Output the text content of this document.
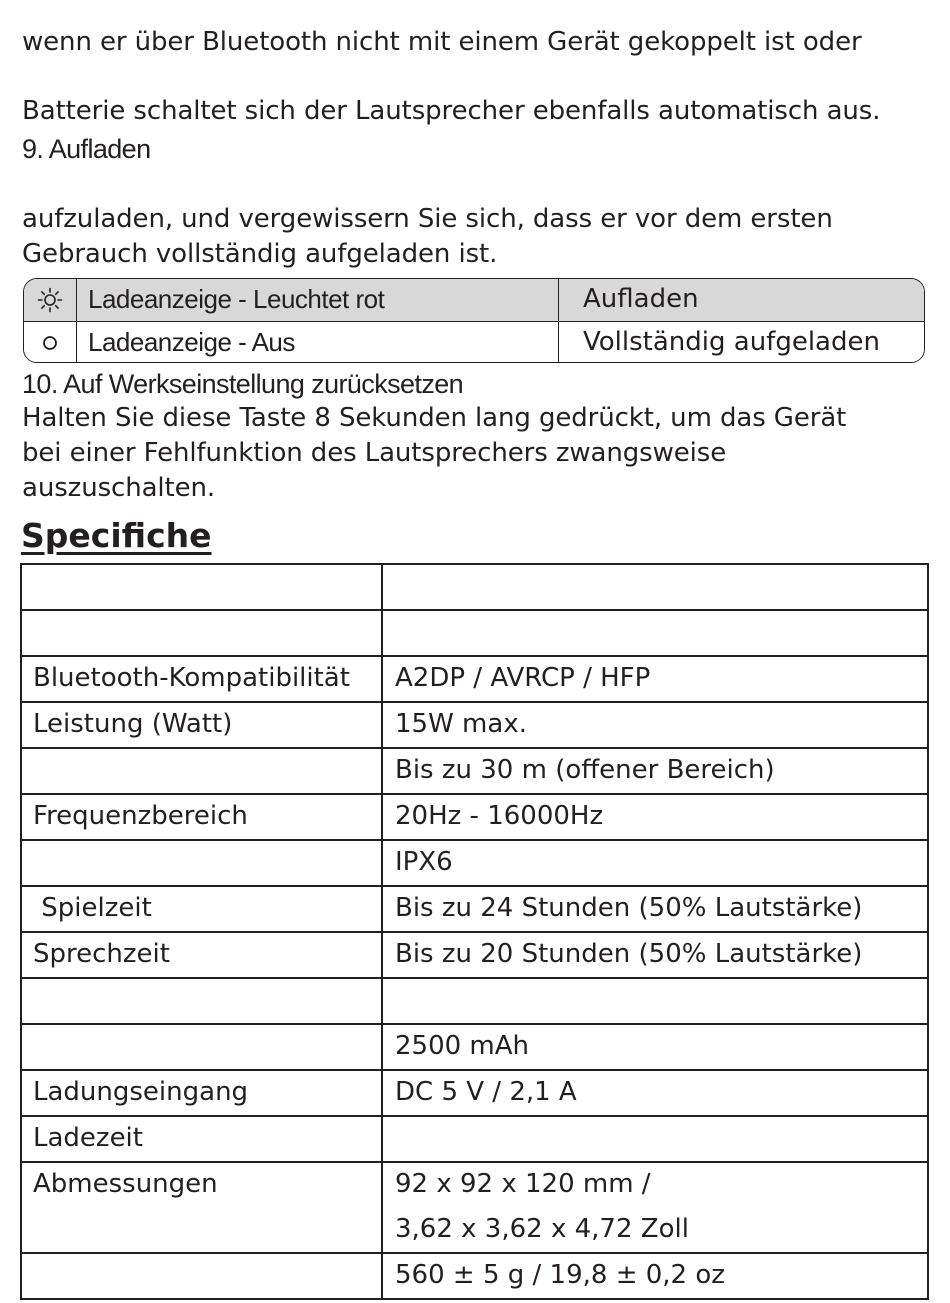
wenn er über Bluetooth nicht mit einem Gerät gekoppelt ist oder
Batterie schaltet sich der Lautsprecher ebenfalls automatisch aus.
9. Aufladen
aufzuladen, und vergewissern Sie sich, dass er vor dem ersten
Gebrauch vollständig aufgeladen ist.
Ladeanzeige - Leuchtet rot	Aufladen
Ladeanzeige - Aus	Vollständig aufgeladen
10. Auf Werkseinstellung zurücksetzen
Halten Sie diese Taste 8 Sekunden lang gedrückt, um das Gerät
bei einer Fehlfunktion des Lautsprechers zwangsweise
auszuschalten.
Specifiche

Bluetooth-Kompatibilität	A2DP / AVRCP / HFP
Leistung (Watt)	15W max.
	Bis zu 30 m (offener Bereich)
Frequenzbereich	20Hz - 16000Hz
	IPX6
Spielzeit	Bis zu 24 Stunden (50% Lautstärke)
Sprechzeit	Bis zu 20 Stunden (50% Lautstärke)

	2500 mAh
Ladungseingang	DC 5 V / 2,1 A
Ladezeit	
Abmessungen	92 x 92 x 120 mm /
3,62 x 3,62 x 4,72 Zoll

	560 ± 5 g / 19,8 ± 0,2 oz
